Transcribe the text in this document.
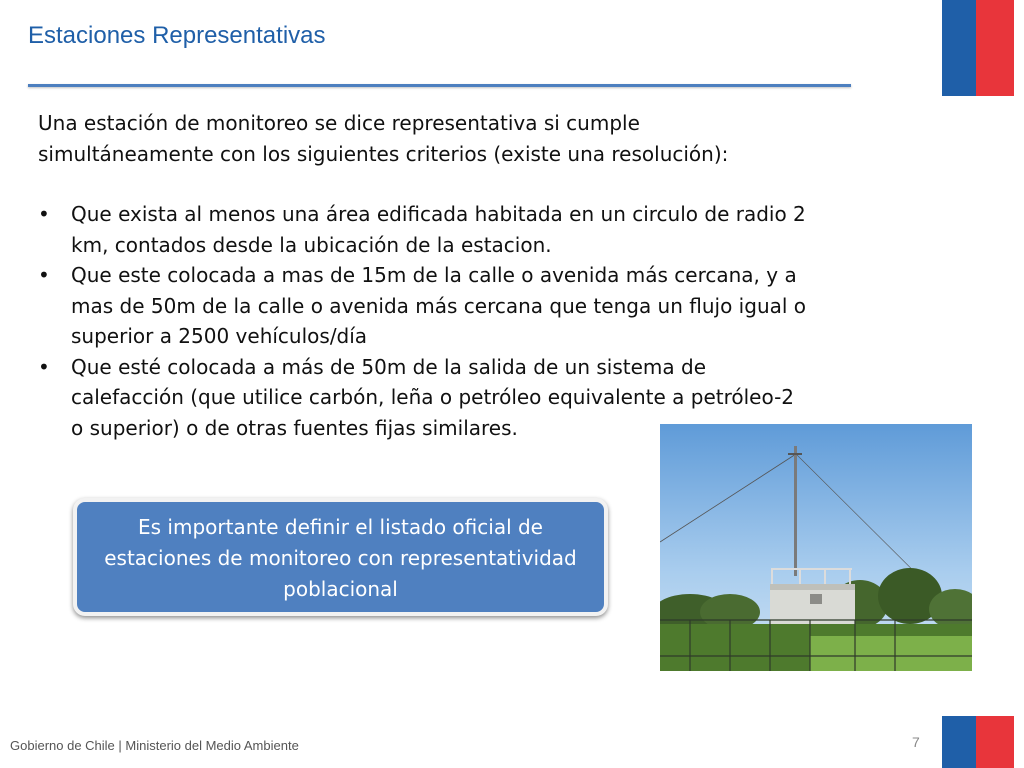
Estaciones Representativas

Una estación de monitoreo se dice representativa si cumple simultáneamente con los siguientes criterios (existe una resolución):

• Que exista al menos una área edificada habitada en un circulo de radio 2 km, contados desde la ubicación de la estacion.
• Que este colocada a mas de 15m de la calle o avenida más cercana, y a mas de 50m de la calle o avenida más cercana que tenga un flujo igual o superior a 2500 vehículos/día
• Que esté colocada a más de 50m de la salida de un sistema de calefacción (que utilice carbón, leña o petróleo equivalente a petróleo-2 o superior) o de otras fuentes fijas similares.
Es importante definir el listado oficial de estaciones de monitoreo con representatividad poblacional
Gobierno de Chile | Ministerio del Medio Ambiente	7
